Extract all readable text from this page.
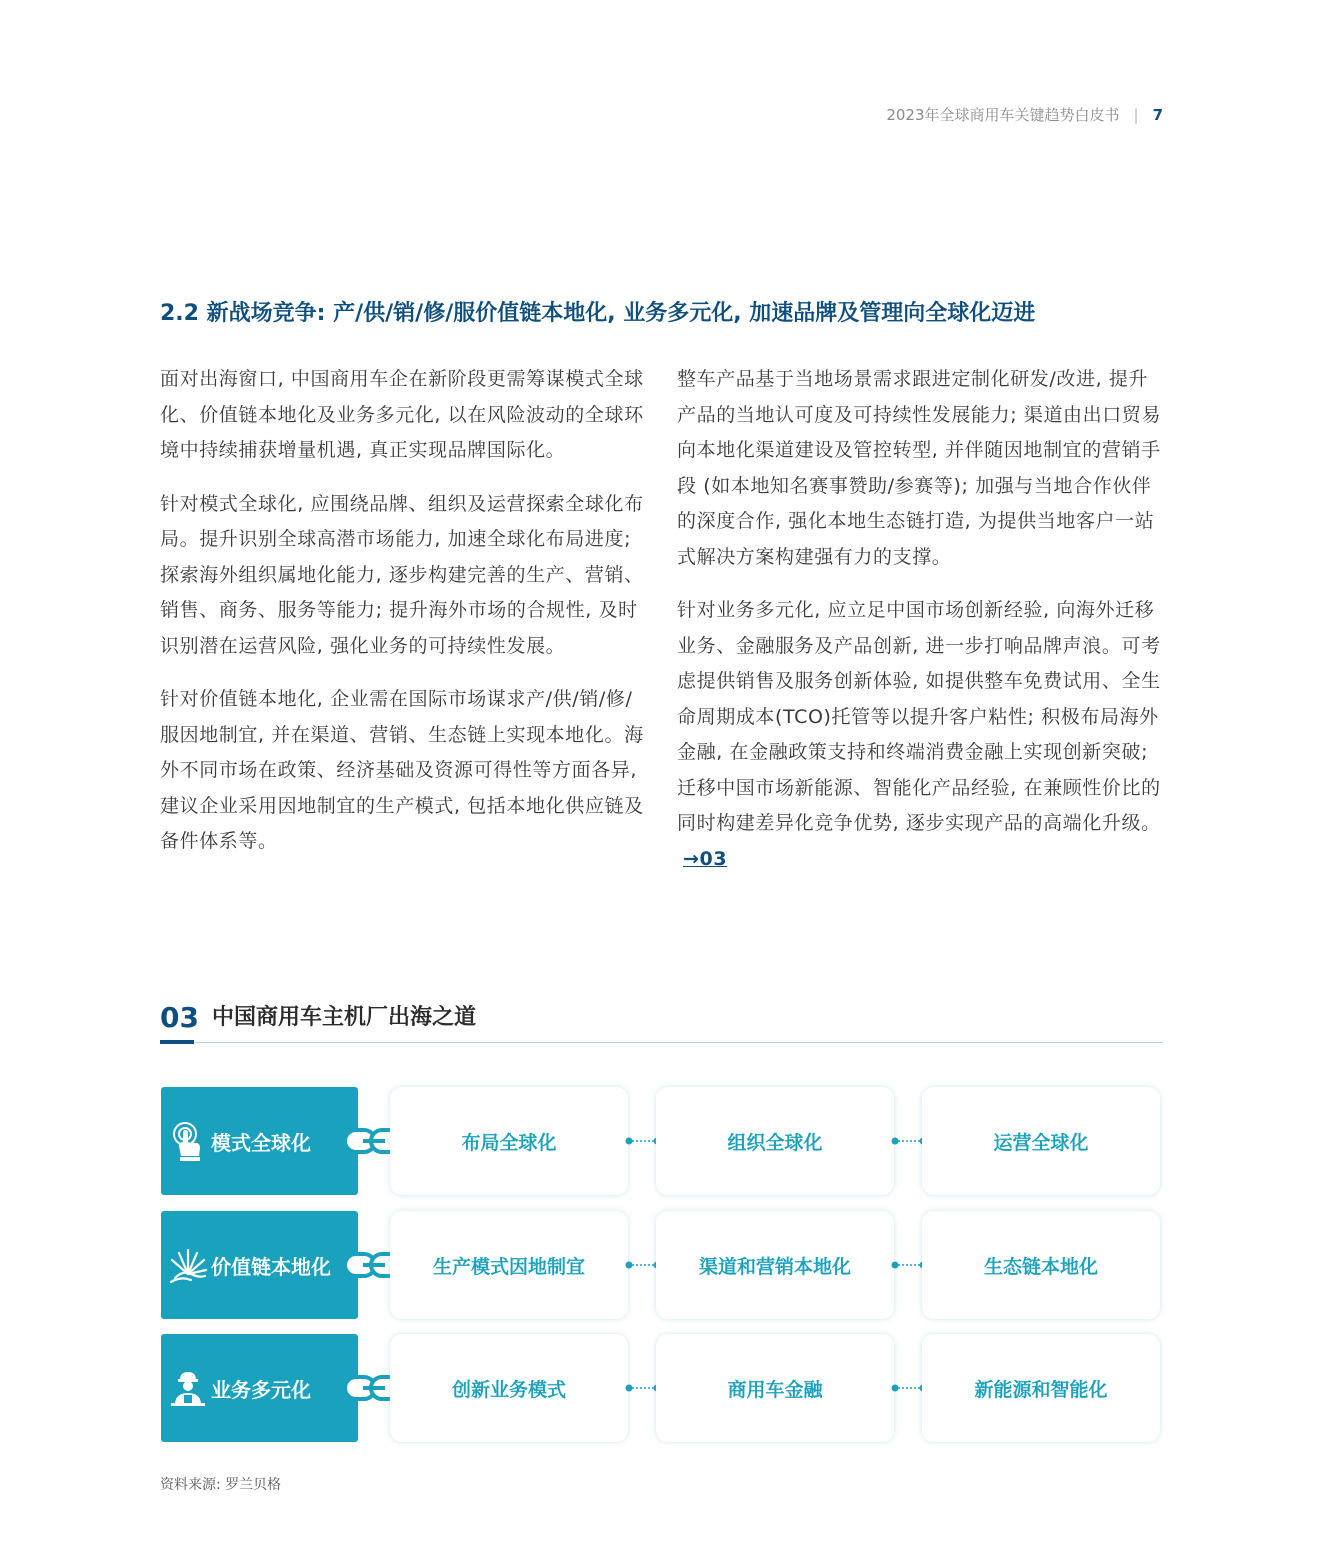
2023年全球商用车关键趋势白皮书 | 7
2.2 新战场竞争: 产/供/销/修/服价值链本地化, 业务多元化, 加速品牌及管理向全球化迈进

面对出海窗口, 中国商用车企在新阶段更需筹谋模式全球化、价值链本地化及业务多元化, 以在风险波动的全球环境中持续捕获增量机遇, 真正实现品牌国际化。

针对模式全球化, 应围绕品牌、组织及运营探索全球化布局。提升识别全球高潜市场能力, 加速全球化布局进度; 探索海外组织属地化能力, 逐步构建完善的生产、营销、销售、商务、服务等能力; 提升海外市场的合规性, 及时识别潜在运营风险, 强化业务的可持续性发展。

针对价值链本地化, 企业需在国际市场谋求产/供/销/修/服因地制宜, 并在渠道、营销、生态链上实现本地化。海外不同市场在政策、经济基础及资源可得性等方面各异, 建议企业采用因地制宜的生产模式, 包括本地化供应链及备件体系等。

整车产品基于当地场景需求跟进定制化研发/改进, 提升产品的当地认可度及可持续性发展能力; 渠道由出口贸易向本地化渠道建设及管控转型, 并伴随因地制宜的营销手段 (如本地知名赛事赞助/参赛等); 加强与当地合作伙伴的深度合作, 强化本地生态链打造, 为提供当地客户一站式解决方案构建强有力的支撑。

针对业务多元化, 应立足中国市场创新经验, 向海外迁移业务、金融服务及产品创新, 进一步打响品牌声浪。可考虑提供销售及服务创新体验, 如提供整车免费试用、全生命周期成本(TCO)托管等以提升客户粘性; 积极布局海外金融, 在金融政策支持和终端消费金融上实现创新突破; 迁移中国市场新能源、智能化产品经验, 在兼顾性价比的同时构建差异化竞争优势, 逐步实现产品的高端化升级。→03

03 中国商用车主机厂出海之道
模式全球化	布局全球化	组织全球化	运营全球化
价值链本地化	生产模式因地制宜	渠道和营销本地化	生态链本地化
业务多元化	创新业务模式	商用车金融	新能源和智能化
资料来源: 罗兰贝格
